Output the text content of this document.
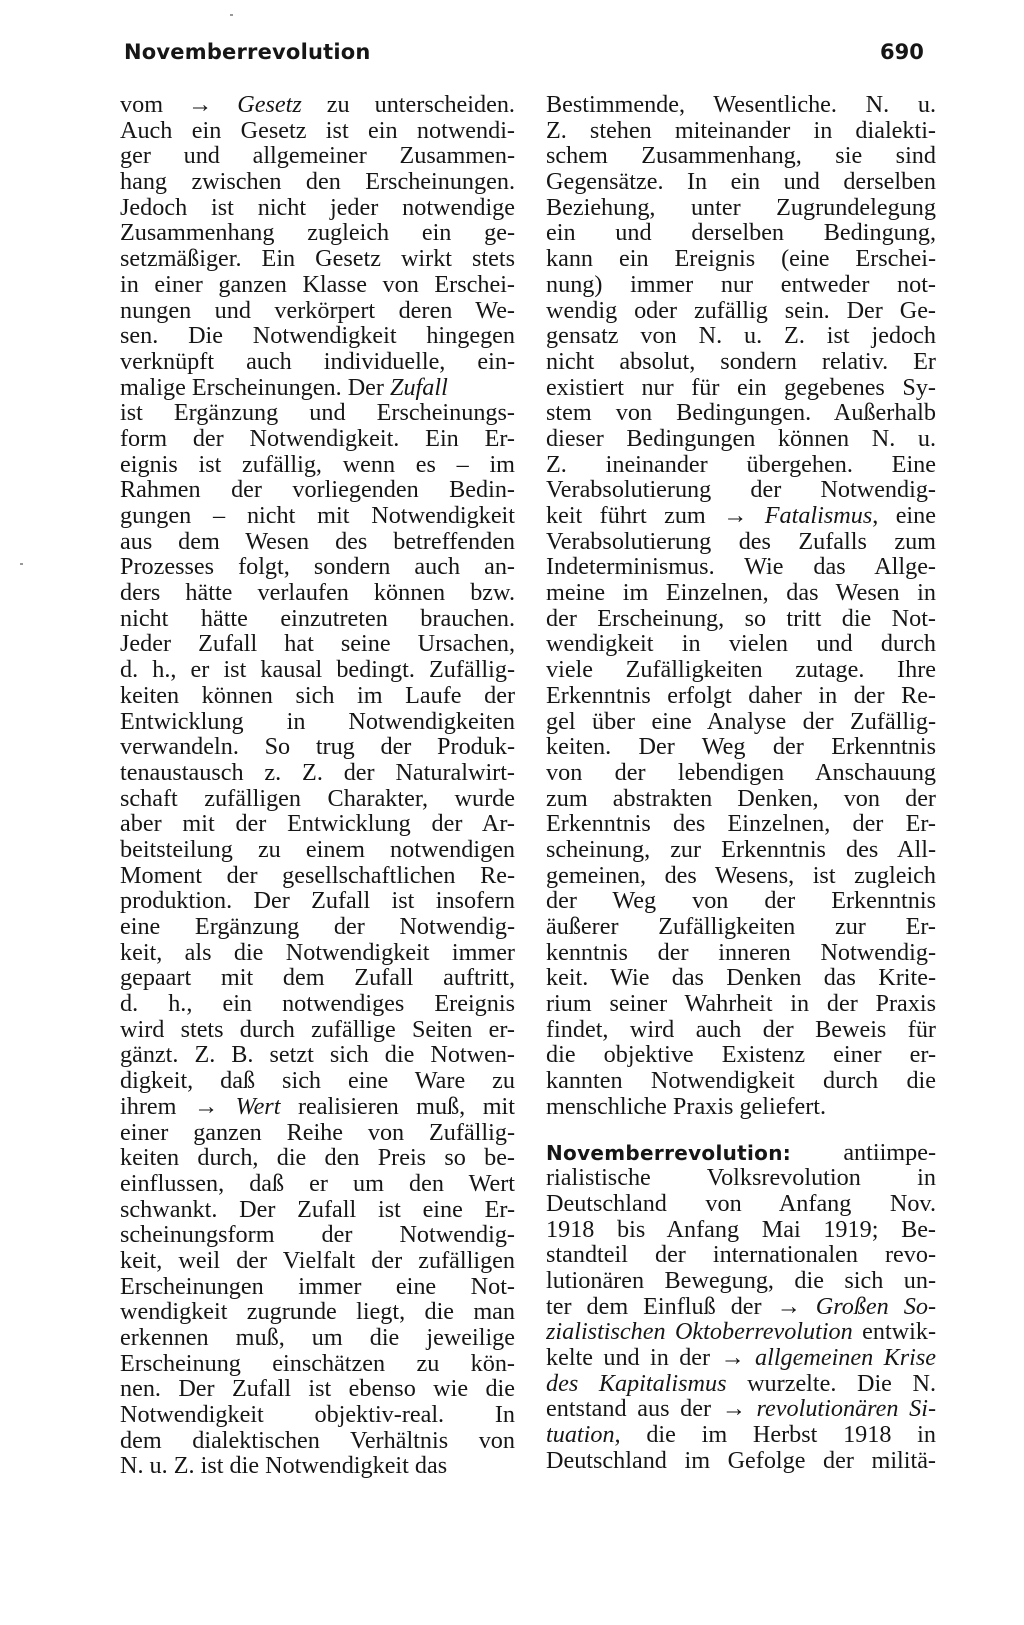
Novemberrevolution	690
vom → Gesetz zu unterscheiden.
Auch ein Gesetz ist ein notwendi-
ger und allgemeiner Zusammen-
hang zwischen den Erscheinungen.
Jedoch ist nicht jeder notwendige
Zusammenhang zugleich ein ge-
setzmäßiger. Ein Gesetz wirkt stets
in einer ganzen Klasse von Erschei-
nungen und verkörpert deren We-
sen. Die Notwendigkeit hingegen
verknüpft auch individuelle, ein-
malige Erscheinungen. Der Zufall
ist Ergänzung und Erscheinungs-
form der Notwendigkeit. Ein Er-
eignis ist zufällig, wenn es – im
Rahmen der vorliegenden Bedin-
gungen – nicht mit Notwendigkeit
aus dem Wesen des betreffenden
Prozesses folgt, sondern auch an-
ders hätte verlaufen können bzw.
nicht hätte einzutreten brauchen.
Jeder Zufall hat seine Ursachen,
d. h., er ist kausal bedingt. Zufällig-
keiten können sich im Laufe der
Entwicklung in Notwendigkeiten
verwandeln. So trug der Produk-
tenaustausch z. Z. der Naturalwirt-
schaft zufälligen Charakter, wurde
aber mit der Entwicklung der Ar-
beitsteilung zu einem notwendigen
Moment der gesellschaftlichen Re-
produktion. Der Zufall ist insofern
eine Ergänzung der Notwendig-
keit, als die Notwendigkeit immer
gepaart mit dem Zufall auftritt,
d. h., ein notwendiges Ereignis
wird stets durch zufällige Seiten er-
gänzt. Z. B. setzt sich die Notwen-
digkeit, daß sich eine Ware zu
ihrem → Wert realisieren muß, mit
einer ganzen Reihe von Zufällig-
keiten durch, die den Preis so be-
einflussen, daß er um den Wert
schwankt. Der Zufall ist eine Er-
scheinungsform der Notwendig-
keit, weil der Vielfalt der zufälligen
Erscheinungen immer eine Not-
wendigkeit zugrunde liegt, die man
erkennen muß, um die jeweilige
Erscheinung einschätzen zu kön-
nen. Der Zufall ist ebenso wie die
Notwendigkeit objektiv-real. In
dem dialektischen Verhältnis von
N. u. Z. ist die Notwendigkeit das
Bestimmende, Wesentliche. N. u.
Z. stehen miteinander in dialekti-
schem Zusammenhang, sie sind
Gegensätze. In ein und derselben
Beziehung, unter Zugrundelegung
ein und derselben Bedingung,
kann ein Ereignis (eine Erschei-
nung) immer nur entweder not-
wendig oder zufällig sein. Der Ge-
gensatz von N. u. Z. ist jedoch
nicht absolut, sondern relativ. Er
existiert nur für ein gegebenes Sy-
stem von Bedingungen. Außerhalb
dieser Bedingungen können N. u.
Z. ineinander übergehen. Eine
Verabsolutierung der Notwendig-
keit führt zum → Fatalismus, eine
Verabsolutierung des Zufalls zum
Indeterminismus. Wie das Allge-
meine im Einzelnen, das Wesen in
der Erscheinung, so tritt die Not-
wendigkeit in vielen und durch
viele Zufälligkeiten zutage. Ihre
Erkenntnis erfolgt daher in der Re-
gel über eine Analyse der Zufällig-
keiten. Der Weg der Erkenntnis
von der lebendigen Anschauung
zum abstrakten Denken, von der
Erkenntnis des Einzelnen, der Er-
scheinung, zur Erkenntnis des All-
gemeinen, des Wesens, ist zugleich
der Weg von der Erkenntnis
äußerer Zufälligkeiten zur Er-
kenntnis der inneren Notwendig-
keit. Wie das Denken das Krite-
rium seiner Wahrheit in der Praxis
findet, wird auch der Beweis für
die objektive Existenz einer er-
kannten Notwendigkeit durch die
menschliche Praxis geliefert.
Novemberrevolution: antiimpe-
rialistische Volksrevolution in
Deutschland von Anfang Nov.
1918 bis Anfang Mai 1919; Be-
standteil der internationalen revo-
lutionären Bewegung, die sich un-
ter dem Einfluß der → Großen So-
zialistischen Oktoberrevolution entwik-
kelte und in der → allgemeinen Krise
des Kapitalismus wurzelte. Die N.
entstand aus der → revolutionären Si-
tuation, die im Herbst 1918 in
Deutschland im Gefolge der militä-
